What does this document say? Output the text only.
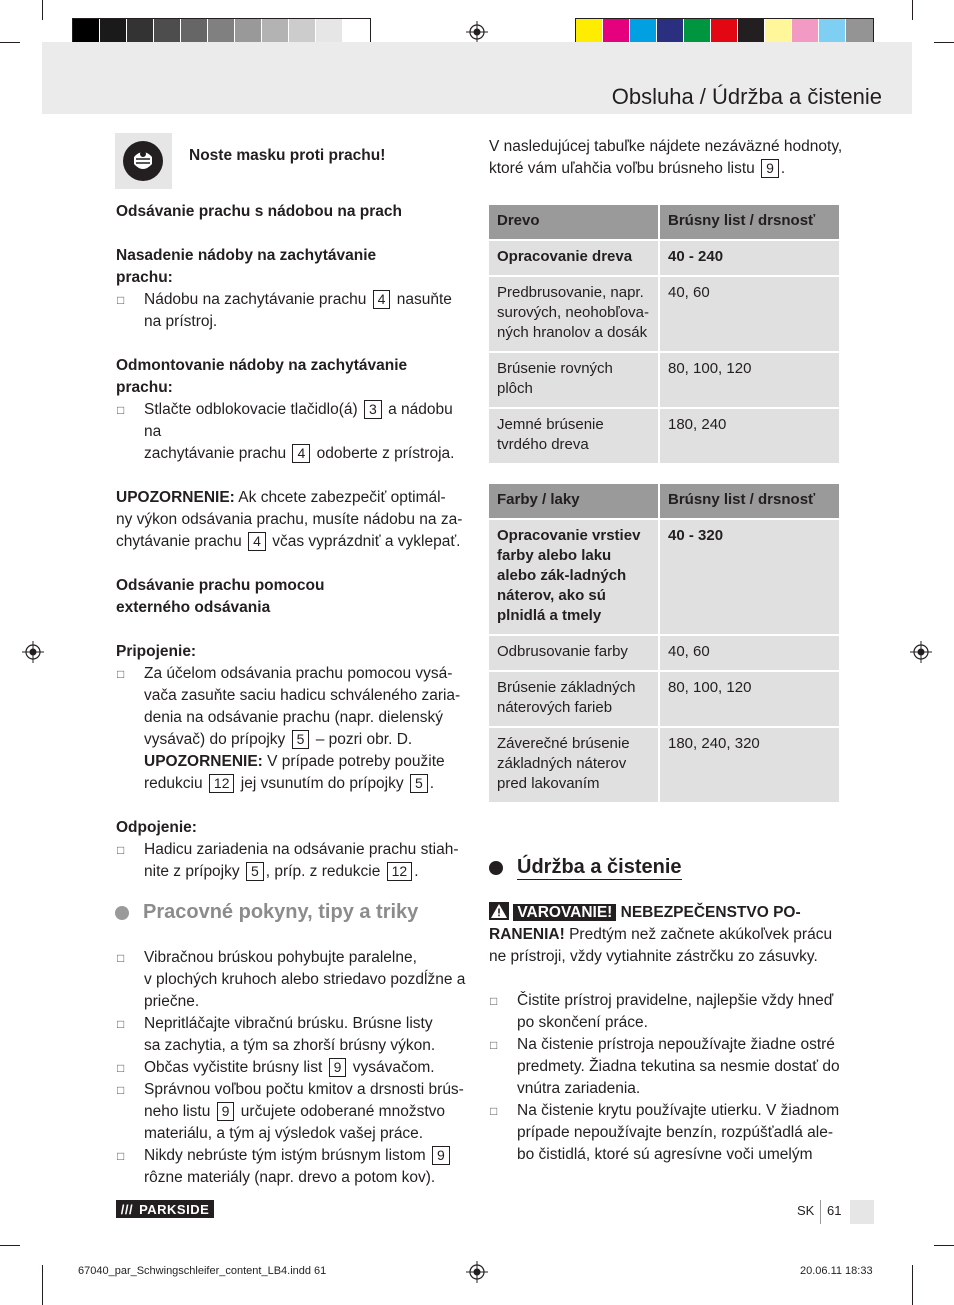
Obsluha / Údržba a čistenie
Noste masku proti prachu!
Odsávanie prachu s nádobou na prach
Nasadenie nádoby na zachytávanie
prachu:
□	Nádobu na zachytávanie prachu 4 nasuňte
na prístroj.
Odmontovanie nádoby na zachytávanie
prachu:
□	Stlačte odblokovacie tlačidlo(á) 3 a nádobu na
zachytávanie prachu 4 odoberte z prístroja.
UPOZORNENIE: Ak chcete zabezpečiť optimál-
ny výkon odsávania prachu, musíte nádobu na za-
chytávanie prachu 4 včas vyprázdniť a vyklepať.
Odsávanie prachu pomocou
externého odsávania
Pripojenie:
□	Za účelom odsávania prachu pomocou vysá-
vača zasuňte saciu hadicu schváleného zaria-
denia na odsávanie prachu (napr. dielenský
vysávač) do prípojky 5 – pozri obr. D.
UPOZORNENIE: V prípade potreby použite
redukciu 12 jej vsunutím do prípojky 5 .
Odpojenie:
□	Hadicu zariadenia na odsávanie prachu stiah-
nite z prípojky 5 , príp. z redukcie 12 .
Pracovné pokyny, tipy a triky
□	Vibračnou brúskou pohybujte paralelne,
v plochých kruhoch alebo striedavo pozdĺžne a
priečne.
□	Nepritláčajte vibračnú brúsku. Brúsne listy
sa zachytia, a tým sa zhorší brúsny výkon.
□	Občas vyčistite brúsny list 9 vysávačom.
□	Správnou voľbou počtu kmitov a drsnosti brús-
neho listu 9 určujete odoberané množstvo
materiálu, a tým aj výsledok vašej práce.
□	Nikdy nebrúste tým istým brúsnym listom 9
rôzne materiály (napr. drevo a potom kov).
V nasledujúcej tabuľke nájdete nezáväzné hodnoty,
ktoré vám uľahčia voľbu brúsneho listu 9 .
Drevo	Brúsny list / drsnosť
Opracovanie dreva	40 - 240
Predbrusovanie, napr. surových, neohobľova-ných hranolov a dosák	40, 60
Brúsenie rovných plôch	80, 100, 120
Jemné brúsenie tvrdého dreva	180, 240
Farby / laky	Brúsny list / drsnosť
Opracovanie vrstiev farby alebo laku alebo zák-ladných náterov, ako sú plnidlá a tmely	40 - 320
Odbrusovanie farby	40, 60
Brúsenie základných náterových farieb	80, 100, 120
Záverečné brúsenie základných náterov pred lakovaním	180, 240, 320
Údržba a čistenie
VAROVANIE! NEBEZPEČENSTVO PO-
RANENIA! Predtým než začnete akúkoľvek prácu
ne prístroji, vždy vytiahnite zástrčku zo zásuvky.
□	Čistite prístroj pravidelne, najlepšie vždy hneď
po skončení práce.
□	Na čistenie prístroja nepoužívajte žiadne ostré
predmety. Žiadna tekutina sa nesmie dostať do
vnútra zariadenia.
□	Na čistenie krytu používajte utierku. V žiadnom
prípade nepoužívajte benzín, rozpúšťadlá ale-
bo čistidlá, ktoré sú agresívne voči umelým
/// PARKSIDE	SK 61
67040_par_Schwingschleifer_content_LB4.indd 61	20.06.11 18:33
